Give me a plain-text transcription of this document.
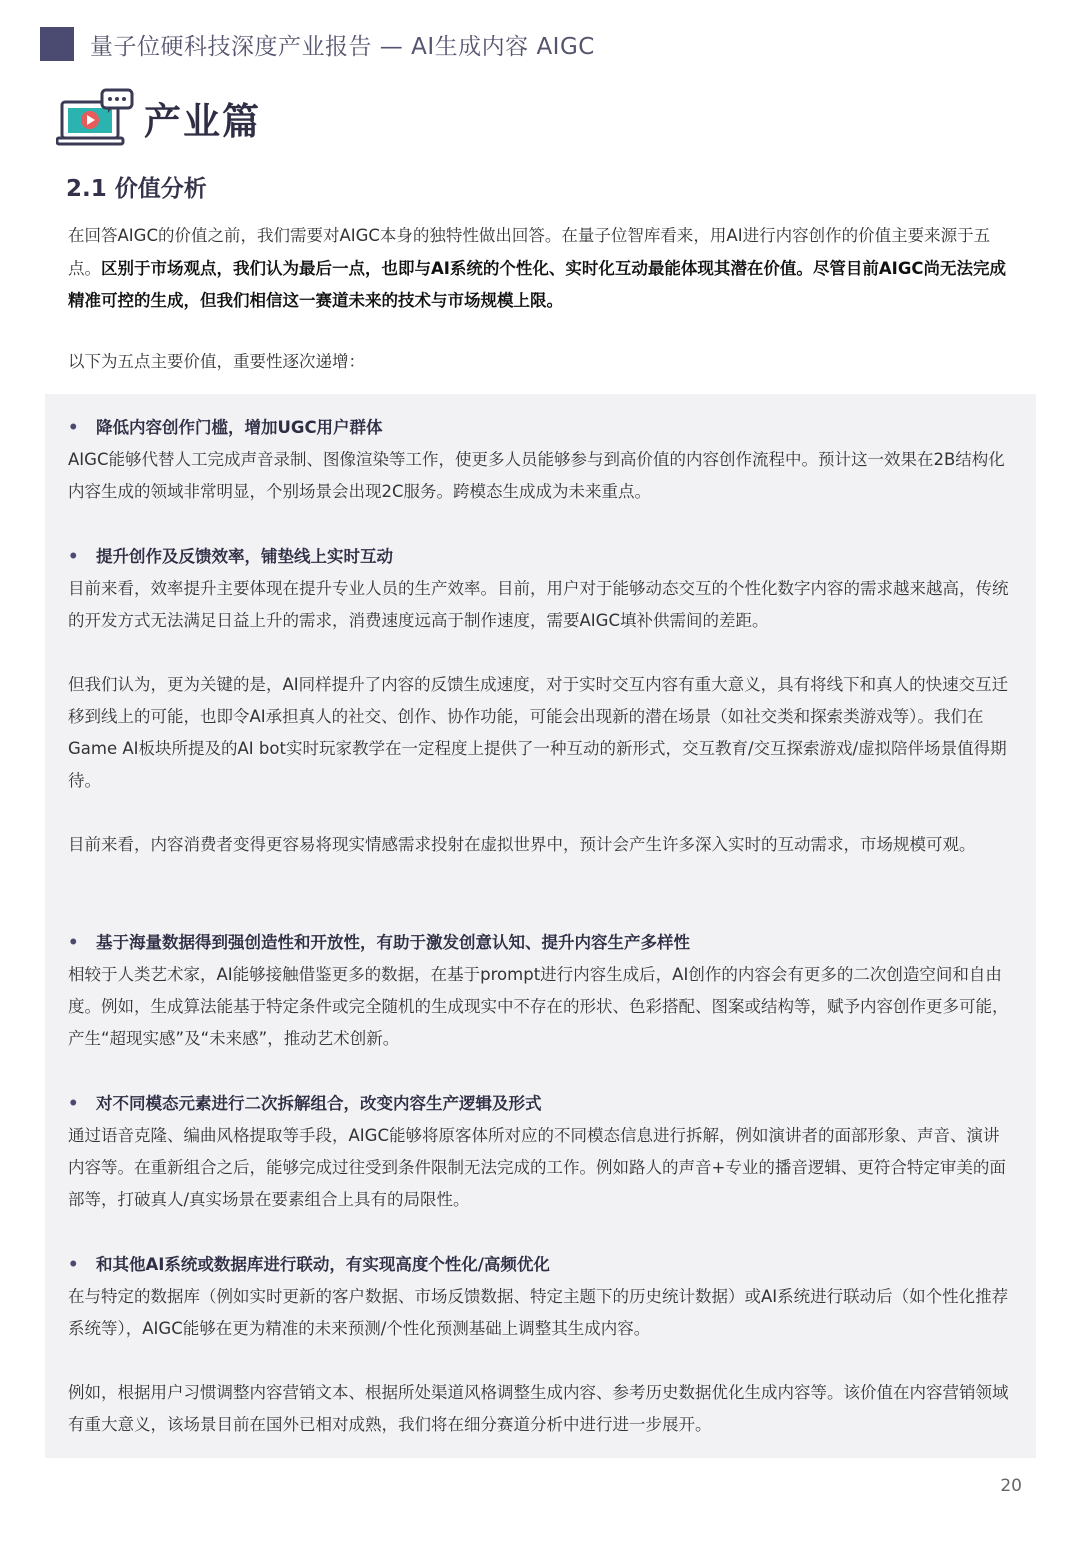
量子位硬科技深度产业报告 — AI生成内容 AIGC
产业篇
2.1 价值分析
在回答AIGC的价值之前，我们需要对AIGC本身的独特性做出回答。在量子位智库看来，用AI进行内容创作的价值主要来源于五点。区别于市场观点，我们认为最后一点，也即与AI系统的个性化、实时化互动最能体现其潜在价值。尽管目前AIGC尚无法完成精准可控的生成，但我们相信这一赛道未来的技术与市场规模上限。
以下为五点主要价值，重要性逐次递增：
•	降低内容创作门槛，增加UGC用户群体

AIGC能够代替人工完成声音录制、图像渲染等工作，使更多人员能够参与到高价值的内容创作流程中。预计这一效果在2B结构化内容生成的领域非常明显，个别场景会出现2C服务。跨模态生成成为未来重点。

•	提升创作及反馈效率，铺垫线上实时互动

目前来看，效率提升主要体现在提升专业人员的生产效率。目前，用户对于能够动态交互的个性化数字内容的需求越来越高，传统的开发方式无法满足日益上升的需求，消费速度远高于制作速度，需要AIGC填补供需间的差距。

但我们认为，更为关键的是，AI同样提升了内容的反馈生成速度，对于实时交互内容有重大意义，具有将线下和真人的快速交互迁移到线上的可能，也即令AI承担真人的社交、创作、协作功能，可能会出现新的潜在场景（如社交类和探索类游戏等）。我们在Game AI板块所提及的AI bot实时玩家教学在一定程度上提供了一种互动的新形式，交互教育/交互探索游戏/虚拟陪伴场景值得期待。

目前来看，内容消费者变得更容易将现实情感需求投射在虚拟世界中，预计会产生许多深入实时的互动需求，市场规模可观。

•	基于海量数据得到强创造性和开放性，有助于激发创意认知、提升内容生产多样性

相较于人类艺术家，AI能够接触借鉴更多的数据，在基于prompt进行内容生成后，AI创作的内容会有更多的二次创造空间和自由度。例如，生成算法能基于特定条件或完全随机的生成现实中不存在的形状、色彩搭配、图案或结构等，赋予内容创作更多可能，产生“超现实感”及“未来感”，推动艺术创新。

•	对不同模态元素进行二次拆解组合，改变内容生产逻辑及形式

通过语音克隆、编曲风格提取等手段，AIGC能够将原客体所对应的不同模态信息进行拆解，例如演讲者的面部形象、声音、演讲内容等。在重新组合之后，能够完成过往受到条件限制无法完成的工作。例如路人的声音+专业的播音逻辑、更符合特定审美的面部等，打破真人/真实场景在要素组合上具有的局限性。

•	和其他AI系统或数据库进行联动，有实现高度个性化/高频优化

在与特定的数据库（例如实时更新的客户数据、市场反馈数据、特定主题下的历史统计数据）或AI系统进行联动后（如个性化推荐系统等），AIGC能够在更为精准的未来预测/个性化预测基础上调整其生成内容。

例如，根据用户习惯调整内容营销文本、根据所处渠道风格调整生成内容、参考历史数据优化生成内容等。该价值在内容营销领域有重大意义，该场景目前在国外已相对成熟，我们将在细分赛道分析中进行进一步展开。

20
